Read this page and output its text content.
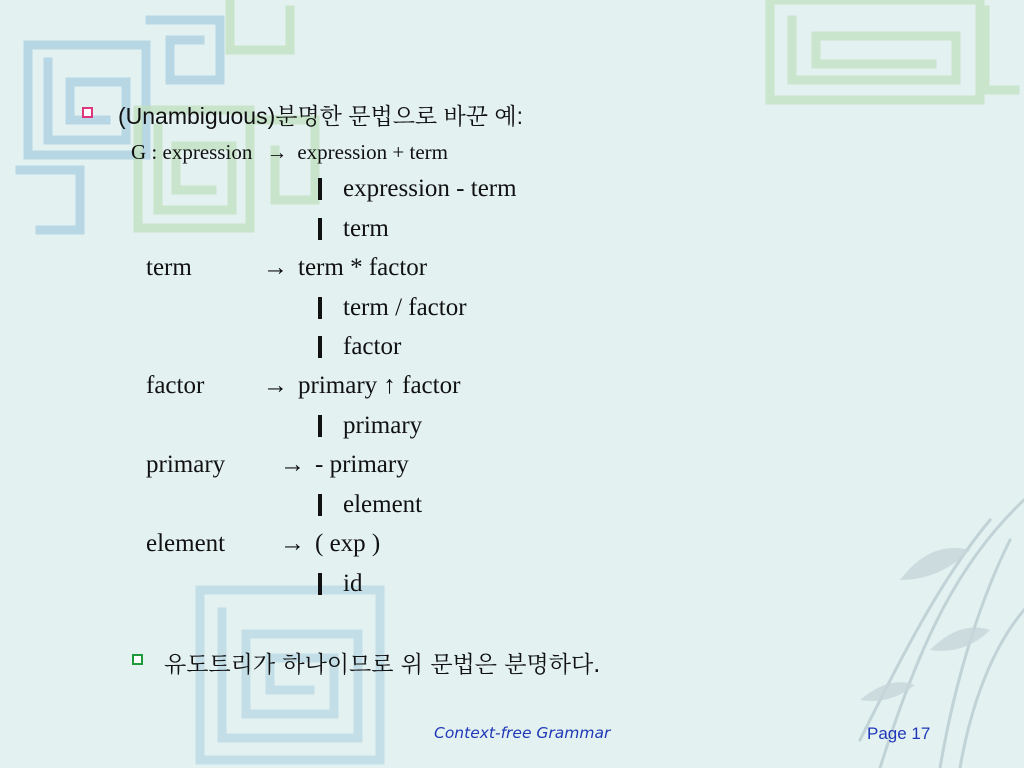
(Unambiguous)분명한 문법으로 바꾼 예:
G : expression → expression + term
expression - term
term
term	→ term * factor
term / factor
factor
factor → primary ↑ factor
primary
primary → - primary
element
element → ( exp )
id
유도트리가 하나이므로 위 문법은 분명하다.
Context-free Grammar	Page 17
